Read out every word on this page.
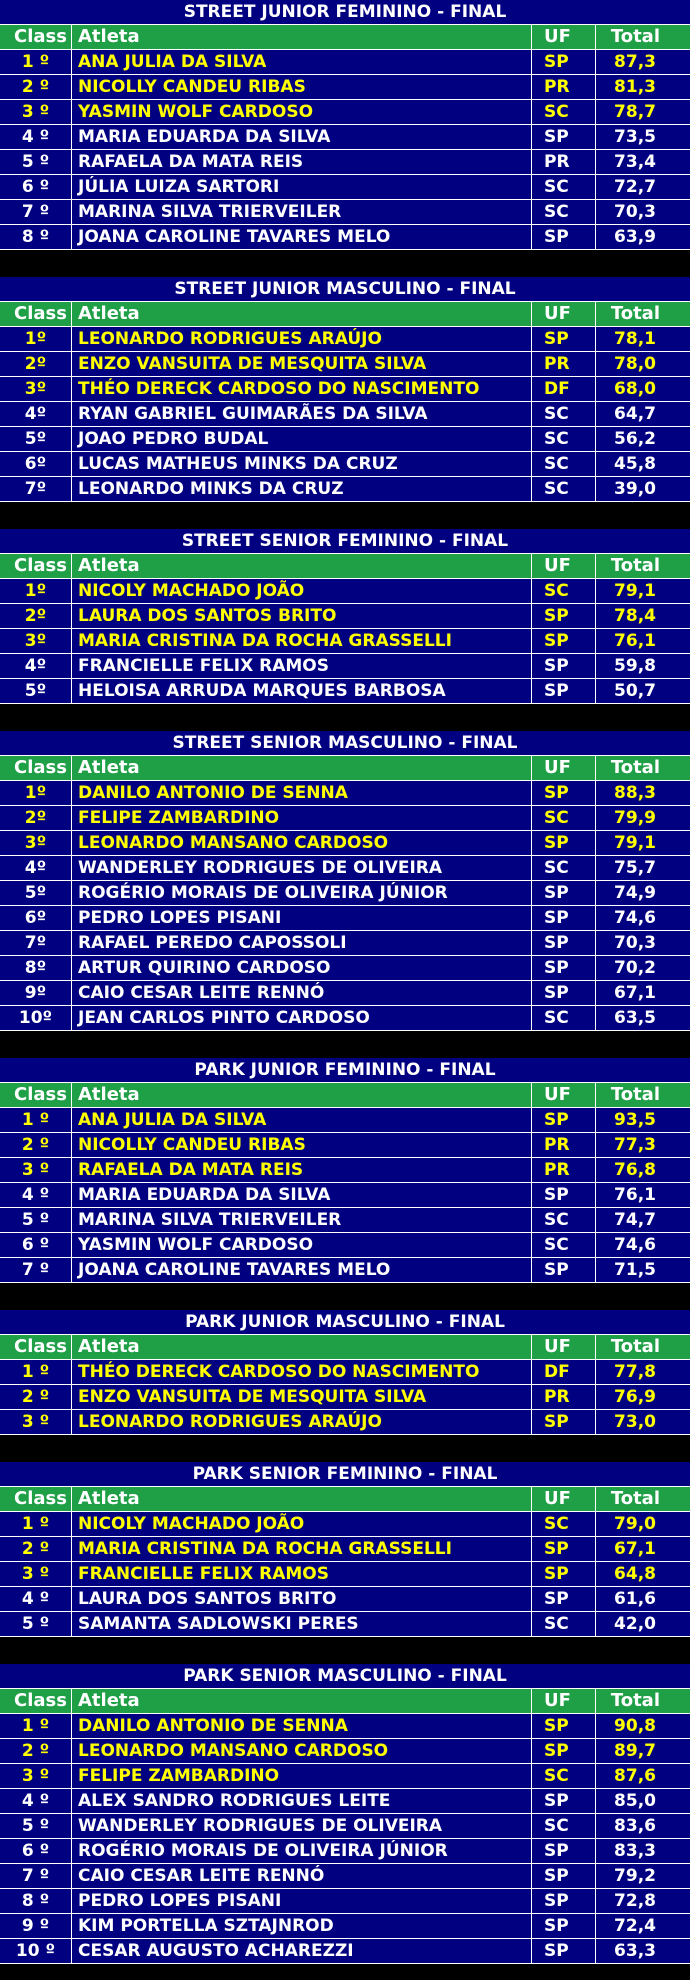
STREET JUNIOR FEMININO - FINAL
Class Atleta	UF	Total
1 º	ANA JULIA DA SILVA	SP	87,3
2 º	NICOLLY CANDEU RIBAS	PR	81,3
3 º	YASMIN WOLF CARDOSO	SC	78,7
4 º	MARIA EDUARDA DA SILVA	SP	73,5
5 º	RAFAELA DA MATA REIS	PR	73,4
6 º	JÚLIA LUIZA SARTORI	SC	72,7
7 º	MARINA SILVA TRIERVEILER	SC	70,3
8 º	JOANA CAROLINE TAVARES MELO	SP	63,9
STREET JUNIOR MASCULINO - FINAL
Class Atleta	UF	Total
1º	LEONARDO RODRIGUES ARAÚJO	SP	78,1
2º	ENZO VANSUITA DE MESQUITA SILVA	PR	78,0
3º	THÉO DERECK CARDOSO DO NASCIMENTO	DF	68,0
4º	RYAN GABRIEL GUIMARÃES DA SILVA	SC	64,7
5º	JOAO PEDRO BUDAL	SC	56,2
6º	LUCAS MATHEUS MINKS DA CRUZ	SC	45,8
7º	LEONARDO MINKS DA CRUZ	SC	39,0
STREET SENIOR FEMININO - FINAL
Class Atleta	UF	Total
1º	NICOLY MACHADO JOÃO	SC	79,1
2º	LAURA DOS SANTOS BRITO	SP	78,4
3º	MARIA CRISTINA DA ROCHA GRASSELLI	SP	76,1
4º	FRANCIELLE FELIX RAMOS	SP	59,8
5º	HELOISA ARRUDA MARQUES BARBOSA	SP	50,7
STREET SENIOR MASCULINO - FINAL
Class Atleta	UF	Total
1º	DANILO ANTONIO DE SENNA	SP	88,3
2º	FELIPE ZAMBARDINO	SC	79,9
3º	LEONARDO MANSANO CARDOSO	SP	79,1
4º	WANDERLEY RODRIGUES DE OLIVEIRA	SC	75,7
5º	ROGÉRIO MORAIS DE OLIVEIRA JÚNIOR	SP	74,9
6º	PEDRO LOPES PISANI	SP	74,6
7º	RAFAEL PEREDO CAPOSSOLI	SP	70,3
8º	ARTUR QUIRINO CARDOSO	SP	70,2
9º	CAIO CESAR LEITE RENNÓ	SP	67,1
10º	JEAN CARLOS PINTO CARDOSO	SC	63,5
PARK JUNIOR FEMININO - FINAL
Class Atleta	UF	Total
1 º	ANA JULIA DA SILVA	SP	93,5
2 º	NICOLLY CANDEU RIBAS	PR	77,3
3 º	RAFAELA DA MATA REIS	PR	76,8
4 º	MARIA EDUARDA DA SILVA	SP	76,1
5 º	MARINA SILVA TRIERVEILER	SC	74,7
6 º	YASMIN WOLF CARDOSO	SC	74,6
7 º	JOANA CAROLINE TAVARES MELO	SP	71,5
PARK JUNIOR MASCULINO - FINAL
Class Atleta	UF	Total
1 º	THÉO DERECK CARDOSO DO NASCIMENTO	DF	77,8
2 º	ENZO VANSUITA DE MESQUITA SILVA	PR	76,9
3 º	LEONARDO RODRIGUES ARAÚJO	SP	73,0
PARK SENIOR FEMININO - FINAL
Class Atleta	UF	Total
1 º	NICOLY MACHADO JOÃO	SC	79,0
2 º	MARIA CRISTINA DA ROCHA GRASSELLI	SP	67,1
3 º	FRANCIELLE FELIX RAMOS	SP	64,8
4 º	LAURA DOS SANTOS BRITO	SP	61,6
5 º	SAMANTA SADLOWSKI PERES	SC	42,0
PARK SENIOR MASCULINO - FINAL
Class Atleta	UF	Total
1 º	DANILO ANTONIO DE SENNA	SP	90,8
2 º	LEONARDO MANSANO CARDOSO	SP	89,7
3 º	FELIPE ZAMBARDINO	SC	87,6
4 º	ALEX SANDRO RODRIGUES LEITE	SP	85,0
5 º	WANDERLEY RODRIGUES DE OLIVEIRA	SC	83,6
6 º	ROGÉRIO MORAIS DE OLIVEIRA JÚNIOR	SP	83,3
7 º	CAIO CESAR LEITE RENNÓ	SP	79,2
8 º	PEDRO LOPES PISANI	SP	72,8
9 º	KIM PORTELLA SZTAJNROD	SP	72,4
10 º	CESAR AUGUSTO ACHAREZZI	SP	63,3
